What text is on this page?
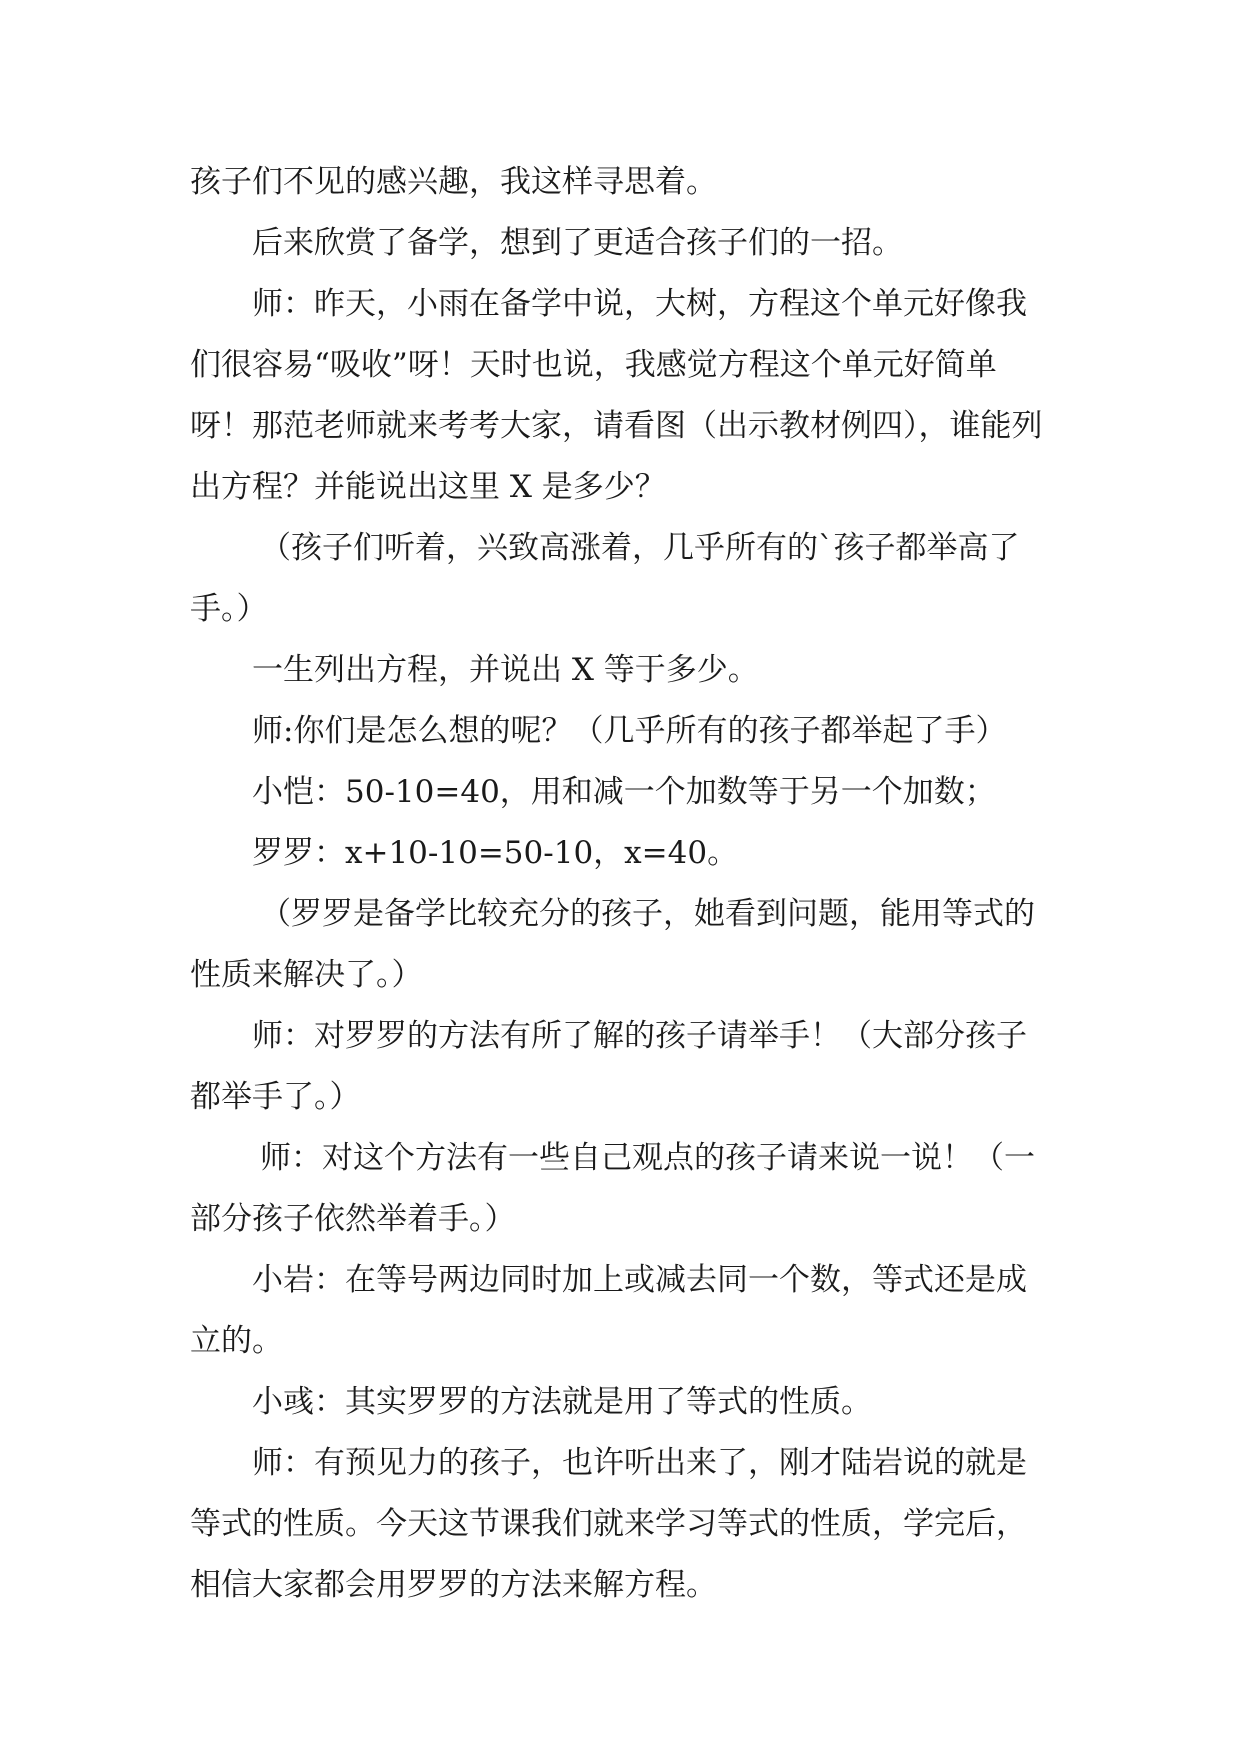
孩子们不见的感兴趣，我这样寻思着。

后来欣赏了备学，想到了更适合孩子们的一招。

师：昨天，小雨在备学中说，大树，方程这个单元好像我们很容易“吸收”呀！天时也说，我感觉方程这个单元好简单呀！那范老师就来考考大家，请看图（出示教材例四），谁能列出方程？并能说出这里 X 是多少？

（孩子们听着，兴致高涨着，几乎所有的`孩子都举高了手。）

一生列出方程，并说出 X 等于多少。

师:你们是怎么想的呢？（几乎所有的孩子都举起了手）

小恺：50-10=40，用和减一个加数等于另一个加数；

罗罗：x+10-10=50-10，x=40。

（罗罗是备学比较充分的孩子，她看到问题，能用等式的性质来解决了。）

师：对罗罗的方法有所了解的孩子请举手！（大部分孩子都举手了。）

师：对这个方法有一些自己观点的孩子请来说一说！（一部分孩子依然举着手。）

小岩：在等号两边同时加上或减去同一个数，等式还是成立的。

小彧：其实罗罗的方法就是用了等式的性质。

师：有预见力的孩子，也许听出来了，刚才陆岩说的就是等式的性质。今天这节课我们就来学习等式的性质，学完后，相信大家都会用罗罗的方法来解方程。
